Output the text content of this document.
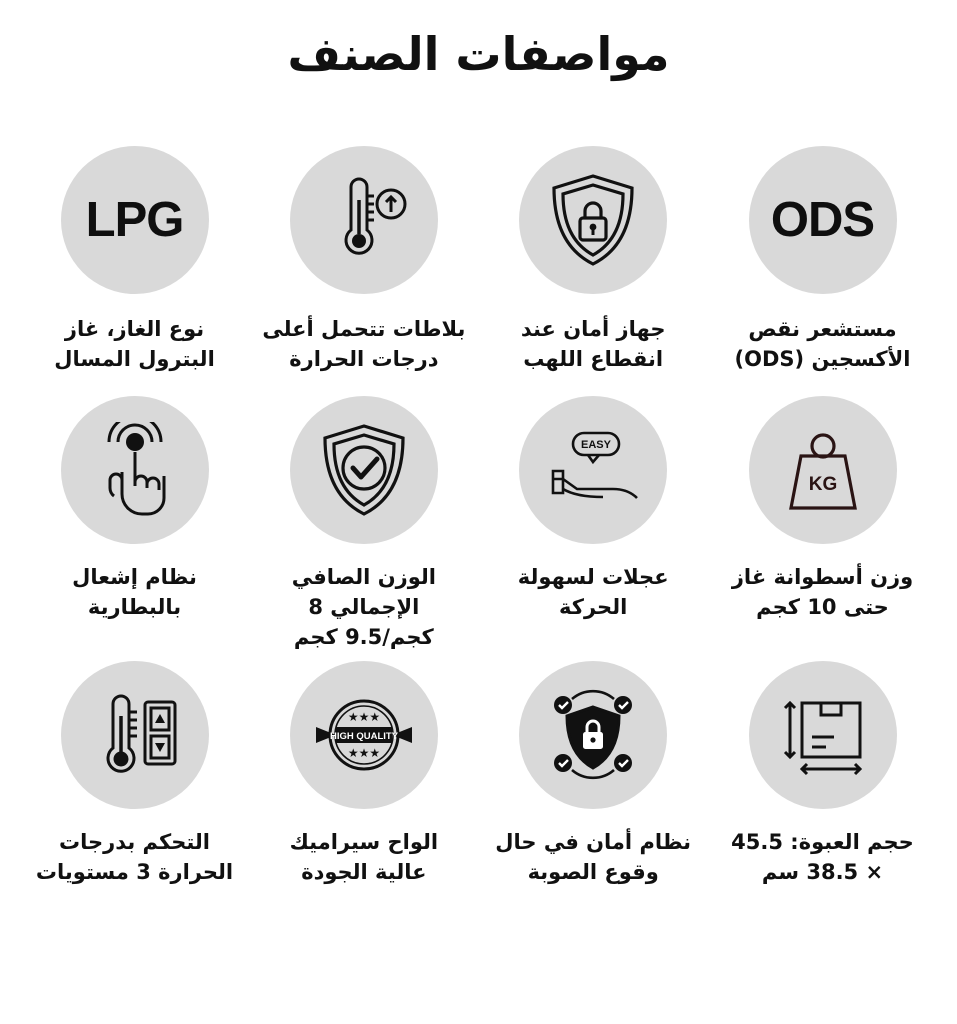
مواصفات الصنف
ODS
مستشعر نقص الأكسجين (ODS)
جهاز أمان عند انقطاع اللهب
بلاطات تتحمل أعلى درجات الحرارة
LPG
نوع الغاز، غاز البترول المسال
KG
وزن أسطوانة غاز حتى 10 كجم
EASY
عجلات لسهولة الحركة
الوزن الصافي الإجمالي 8 كجم/9.5 كجم
نظام إشعال بالبطارية
حجم العبوة: 45.5 × 38.5 سم
نظام أمان في حال وقوع الصوبة
HIGH QUALITY
★★★
★★★
الواح سيراميك عالية الجودة
التحكم بدرجات الحرارة 3 مستويات
